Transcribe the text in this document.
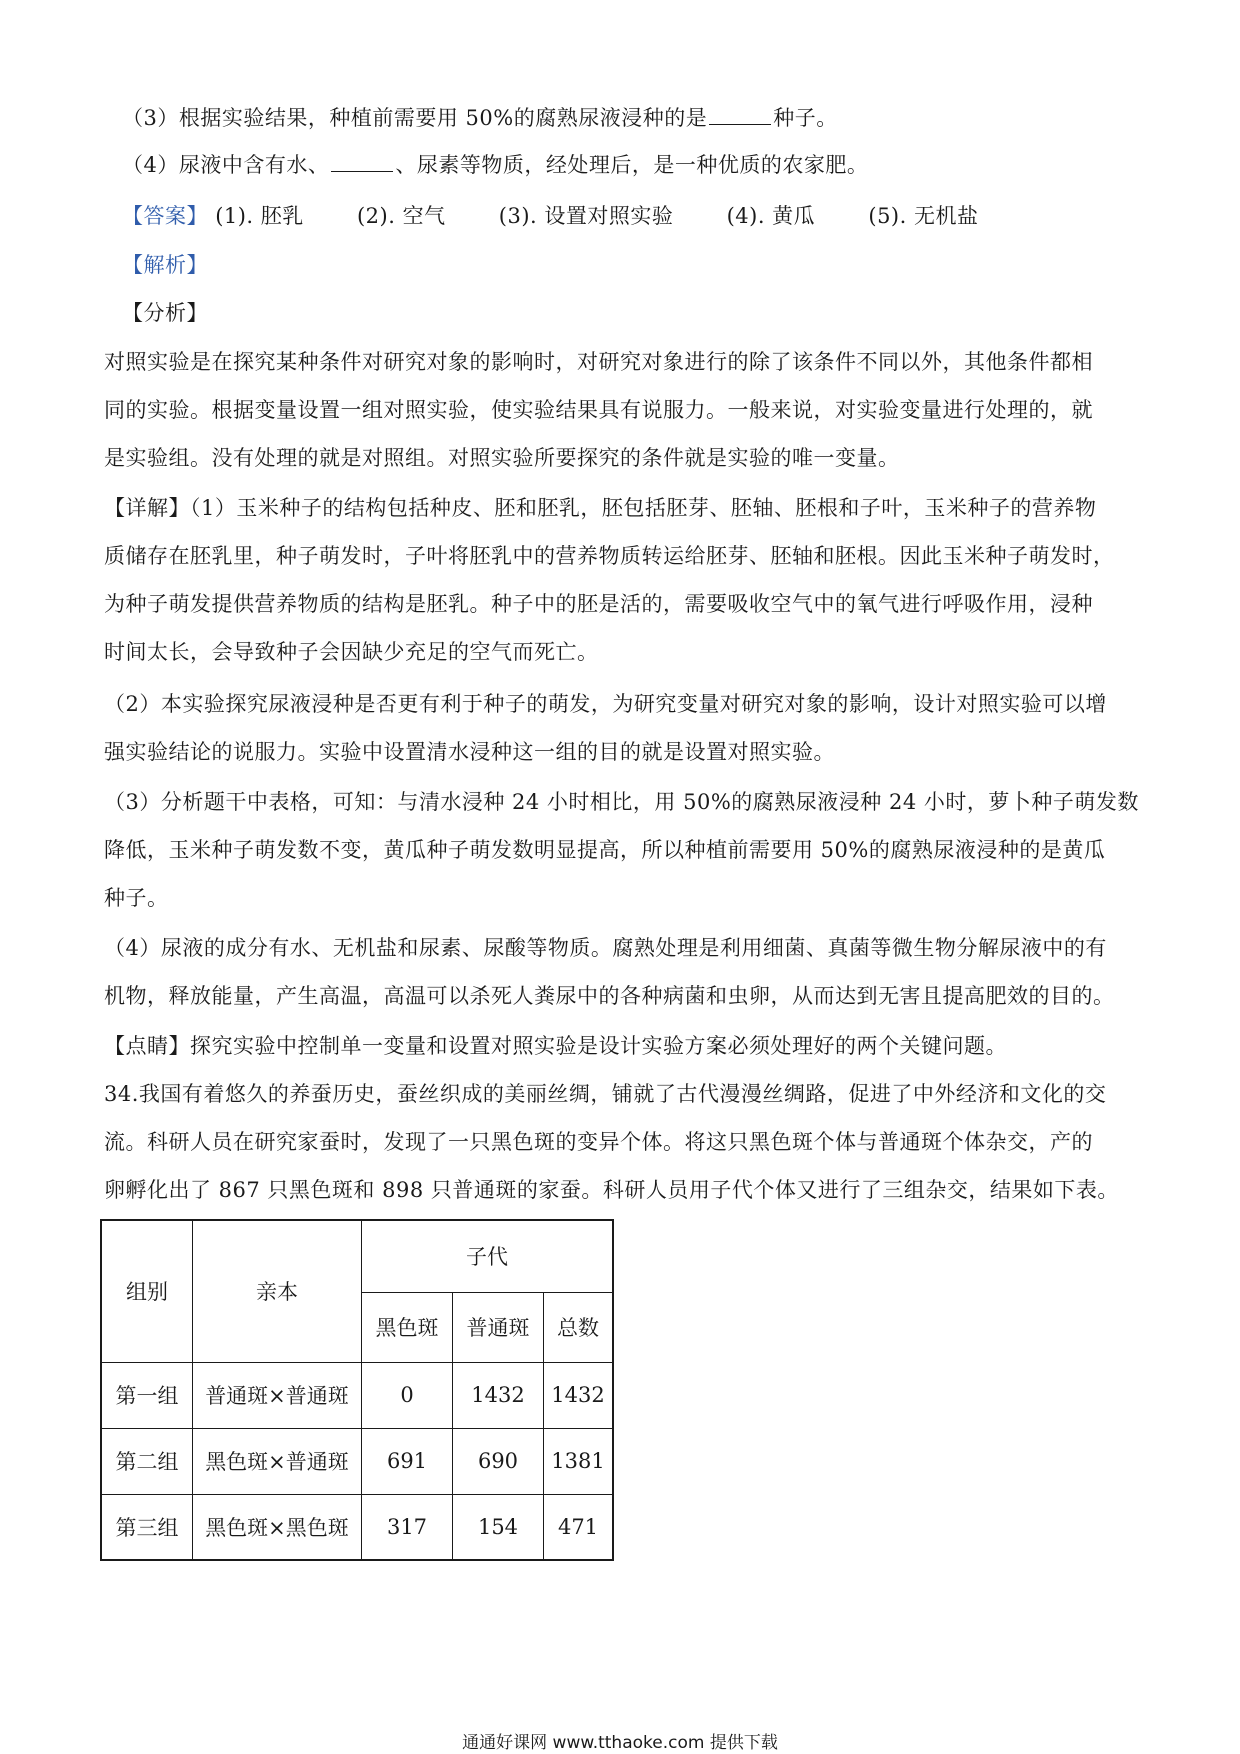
（3）根据实验结果，种植前需要用 50%的腐熟尿液浸种的是	种子。
（4）尿液中含有水、	、尿素等物质，经处理后，是一种优质的农家肥。
【答案】 (1). 胚乳	(2). 空气	(3). 设置对照实验	(4). 黄瓜	(5). 无机盐
【解析】
【分析】
对照实验是在探究某种条件对研究对象的影响时，对研究对象进行的除了该条件不同以外，其他条件都相
同的实验。根据变量设置一组对照实验，使实验结果具有说服力。一般来说，对实验变量进行处理的，就
是实验组。没有处理的就是对照组。对照实验所要探究的条件就是实验的唯一变量。
【详解】（1）玉米种子的结构包括种皮、胚和胚乳，胚包括胚芽、胚轴、胚根和子叶，玉米种子的营养物
质储存在胚乳里，种子萌发时，子叶将胚乳中的营养物质转运给胚芽、胚轴和胚根。因此玉米种子萌发时，
为种子萌发提供营养物质的结构是胚乳。种子中的胚是活的，需要吸收空气中的氧气进行呼吸作用，浸种
时间太长，会导致种子会因缺少充足的空气而死亡。
（2）本实验探究尿液浸种是否更有利于种子的萌发，为研究变量对研究对象的影响，设计对照实验可以增
强实验结论的说服力。实验中设置清水浸种这一组的目的就是设置对照实验。
（3）分析题干中表格，可知：与清水浸种 24 小时相比，用 50%的腐熟尿液浸种 24 小时，萝卜种子萌发数
降低，玉米种子萌发数不变，黄瓜种子萌发数明显提高，所以种植前需要用 50%的腐熟尿液浸种的是黄瓜
种子。
（4）尿液的成分有水、无机盐和尿素、尿酸等物质。腐熟处理是利用细菌、真菌等微生物分解尿液中的有
机物，释放能量，产生高温，高温可以杀死人粪尿中的各种病菌和虫卵，从而达到无害且提高肥效的目的。
【点睛】探究实验中控制单一变量和设置对照实验是设计实验方案必须处理好的两个关键问题。
34.我国有着悠久的养蚕历史，蚕丝织成的美丽丝绸，铺就了古代漫漫丝绸路，促进了中外经济和文化的交
流。科研人员在研究家蚕时，发现了一只黑色斑的变异个体。将这只黑色斑个体与普通斑个体杂交，产的
卵孵化出了 867 只黑色斑和 898 只普通斑的家蚕。科研人员用子代个体又进行了三组杂交，结果如下表。
组别	亲本	子代		
		黑色斑	普通斑	总数
第一组	普通斑×普通斑	0	1432	1432
第二组	黑色斑×普通斑	691	690	1381
第三组	黑色斑×黑色斑	317	154	471
通通好课网 www.tthaoke.com 提供下载
